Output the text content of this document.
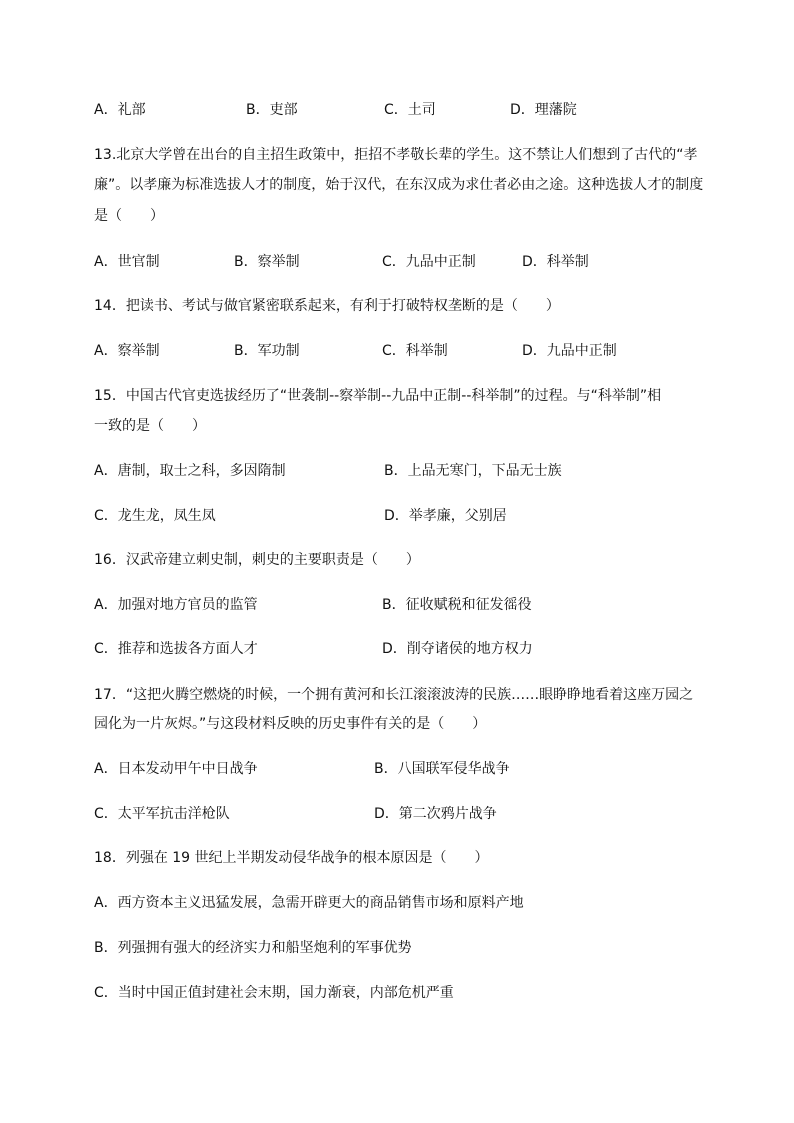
A．礼部	B．吏部	C．土司	D．理藩院
13.北京大学曾在出台的自主招生政策中，拒招不孝敬长辈的学生。这不禁让人们想到了古代的“孝
廉”。以孝廉为标准选拔人才的制度，始于汉代，在东汉成为求仕者必由之途。这种选拔人才的制度
是（　　）
A．世官制	B．察举制	C．九品中正制	D．科举制
14．把读书、考试与做官紧密联系起来，有利于打破特权垄断的是（　　）
A．察举制	B．军功制	C．科举制	D．九品中正制
15．中国古代官吏选拔经历了“世袭制--察举制--九品中正制--科举制”的过程。与“科举制”相
一致的是（　　）
A．唐制，取士之科，多因隋制	B．上品无寒门，下品无士族
C．龙生龙，凤生凤	D．举孝廉，父别居
16．汉武帝建立刺史制，刺史的主要职责是（　　）
A．加强对地方官员的监管	B．征收赋税和征发徭役
C．推荐和选拔各方面人才	D．削夺诸侯的地方权力
17．“这把火腾空燃烧的时候，一个拥有黄河和长江滚滚波涛的民族……眼睁睁地看着这座万园之
园化为一片灰烬。”与这段材料反映的历史事件有关的是（　　）
A．日本发动甲午中日战争	B．八国联军侵华战争
C．太平军抗击洋枪队	D．第二次鸦片战争
18．列强在 19 世纪上半期发动侵华战争的根本原因是（　　）
A．西方资本主义迅猛发展，急需开辟更大的商品销售市场和原料产地
B．列强拥有强大的经济实力和船坚炮利的军事优势
C．当时中国正值封建社会末期，国力渐衰，内部危机严重
